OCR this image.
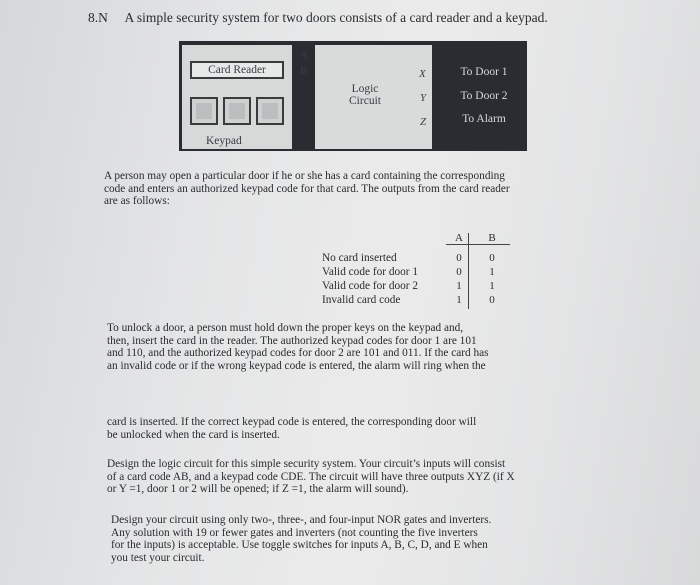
8.N A simple security system for two doors consists of a card reader and a keypad.
Card Reader
Keypad
A
B
Logic
Circuit
X
Y
Z
To Door 1
To Door 2
To Alarm
A person may open a particular door if he or she has a card containing the corresponding
code and enters an authorized keypad code for that card. The outputs from the card reader
are as follows:
A	B
No card inserted	0	0
Valid code for door 1	0	1
Valid code for door 2	1	1
Invalid card code	1	0
To unlock a door, a person must hold down the proper keys on the keypad and,
then, insert the card in the reader. The authorized keypad codes for door 1 are 101
and 110, and the authorized keypad codes for door 2 are 101 and 011. If the card has
an invalid code or if the wrong keypad code is entered, the alarm will ring when the
card is inserted. If the correct keypad code is entered, the corresponding door will
be unlocked when the card is inserted.
Design the logic circuit for this simple security system. Your circuit’s inputs will consist
of a card code AB, and a keypad code CDE. The circuit will have three outputs XYZ (if X
or Y =1, door 1 or 2 will be opened; if Z =1, the alarm will sound).
Design your circuit using only two-, three-, and four-input NOR gates and inverters.
Any solution with 19 or fewer gates and inverters (not counting the five inverters
for the inputs) is acceptable. Use toggle switches for inputs A, B, C, D, and E when
you test your circuit.
